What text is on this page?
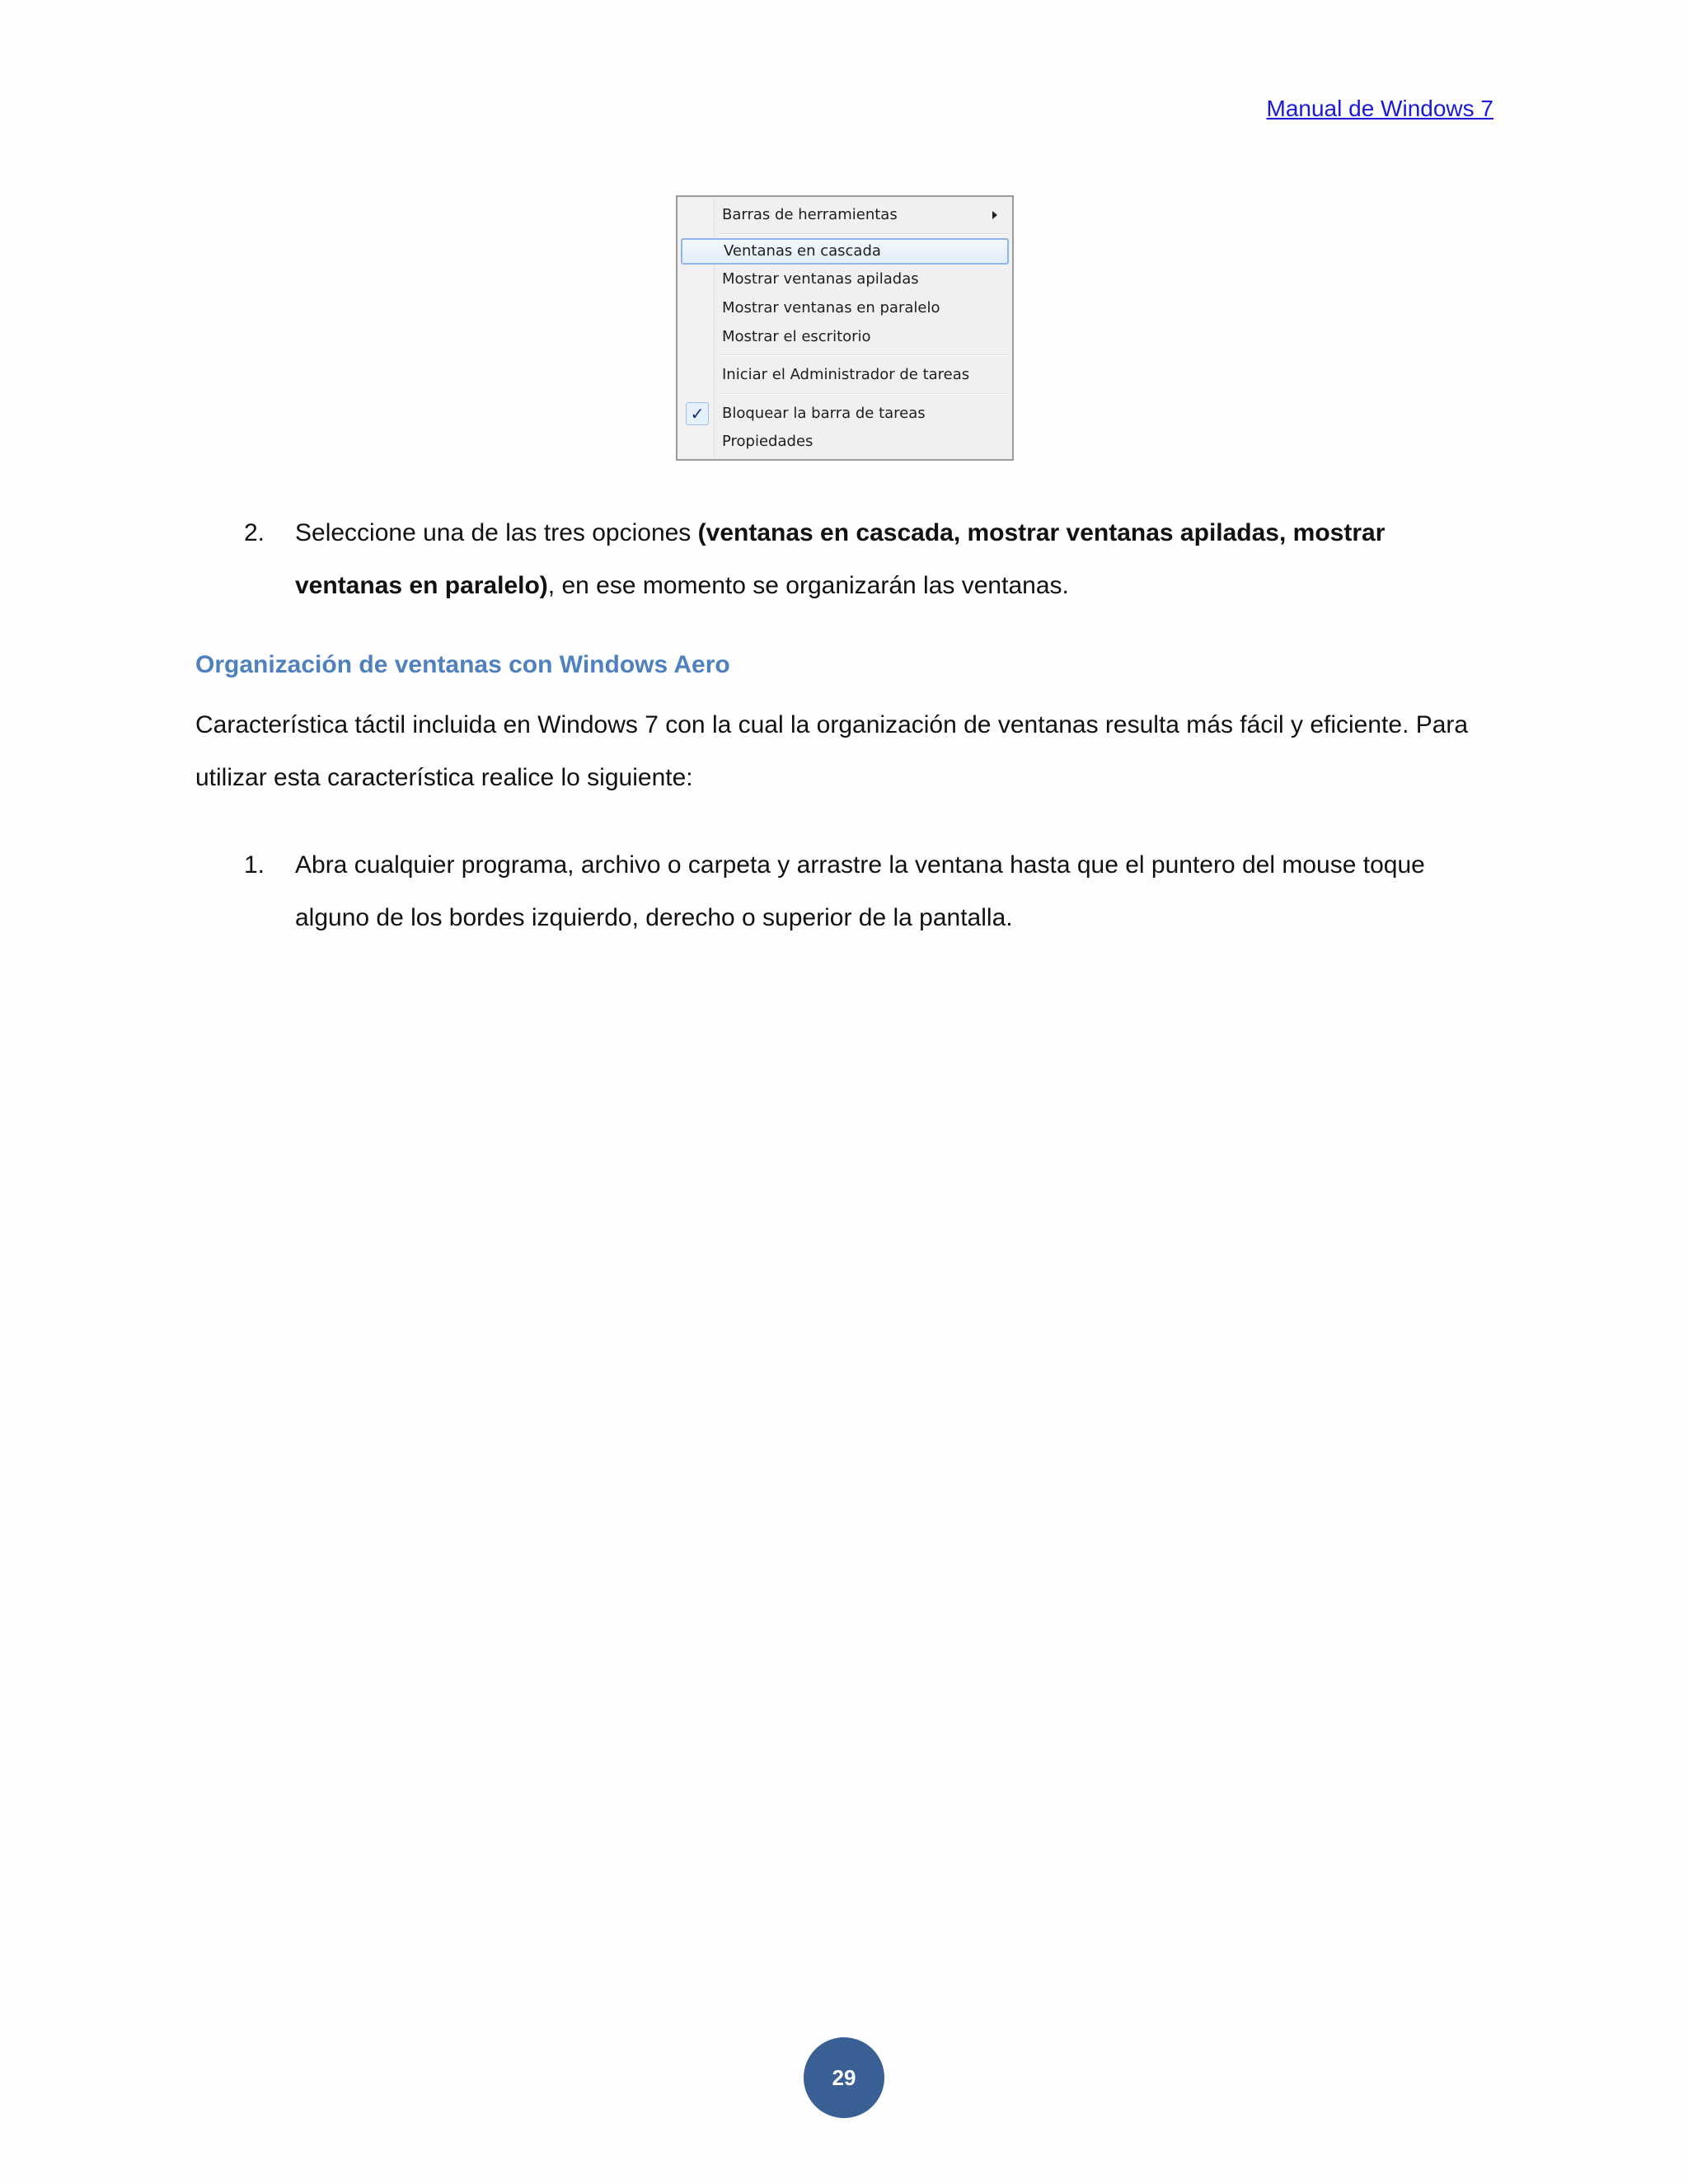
Manual de Windows 7
Barras de herramientas
Ventanas en cascada
Mostrar ventanas apiladas
Mostrar ventanas en paralelo
Mostrar el escritorio
Iniciar el Administrador de tareas
✓	Bloquear la barra de tareas
Propiedades
2. Seleccione una de las tres opciones (ventanas en cascada, mostrar ventanas apiladas, mostrar ventanas en paralelo), en ese momento se organizarán las ventanas.
Organización de ventanas con Windows Aero
Característica táctil incluida en Windows 7 con la cual la organización de ventanas resulta más fácil y eficiente. Para utilizar esta característica realice lo siguiente:
1. Abra cualquier programa, archivo o carpeta y arrastre la ventana hasta que el puntero del mouse toque alguno de los bordes izquierdo, derecho o superior de la pantalla.
29
